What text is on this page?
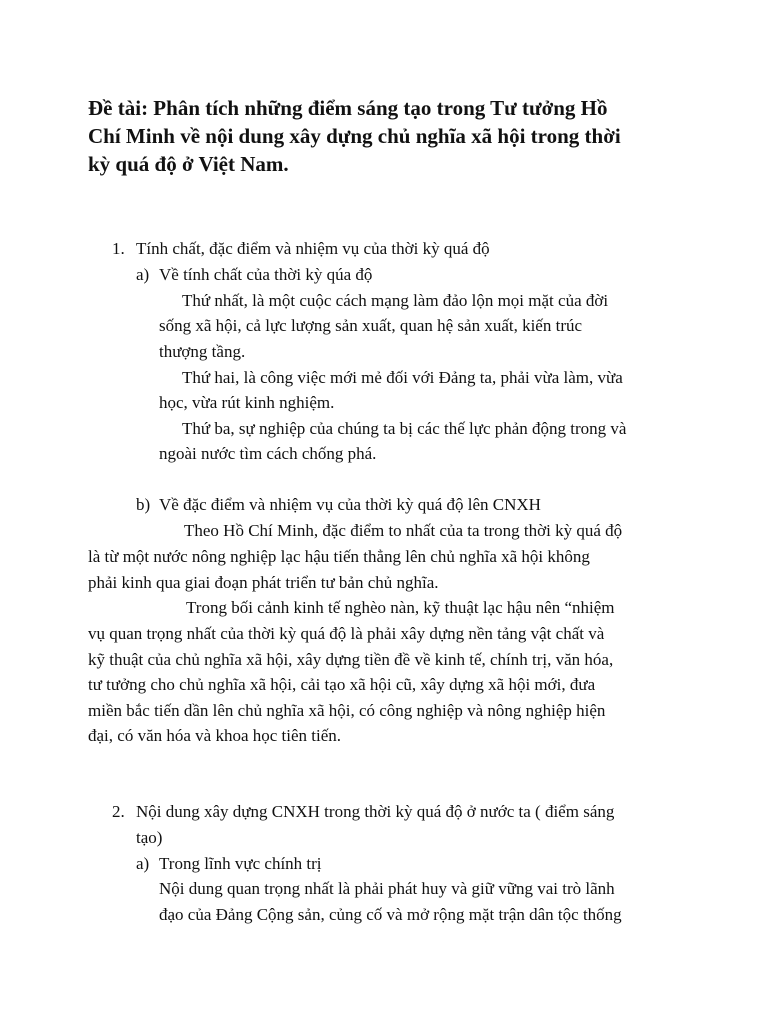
Đề tài: Phân tích những điểm sáng tạo trong Tư tưởng Hồ
Chí Minh về nội dung xây dựng chủ nghĩa xã hội trong thời
kỳ quá độ ở Việt Nam.
1. Tính chất, đặc điểm và nhiệm vụ của thời kỳ quá độ
a) Về tính chất của thời kỳ qúa độ
Thứ nhất, là một cuộc cách mạng làm đảo lộn mọi mặt của đời
sống xã hội, cả lực lượng sản xuất, quan hệ sản xuất, kiến trúc
thượng tầng.
Thứ hai, là công việc mới mẻ đối với Đảng ta, phải vừa làm, vừa
học, vừa rút kinh nghiệm.
Thứ ba, sự nghiệp của chúng ta bị các thế lực phản động trong và
ngoài nước tìm cách chống phá.
b) Về đặc điểm và nhiệm vụ của thời kỳ quá độ lên CNXH
Theo Hồ Chí Minh, đặc điểm to nhất của ta trong thời kỳ quá độ
là từ một nước nông nghiệp lạc hậu tiến thẳng lên chủ nghĩa xã hội không
phải kinh qua giai đoạn phát triển tư bản chủ nghĩa.
Trong bối cảnh kinh tế nghèo nàn, kỹ thuật lạc hậu nên “nhiệm
vụ quan trọng nhất của thời kỳ quá độ là phải xây dựng nền tảng vật chất và
kỹ thuật của chủ nghĩa xã hội, xây dựng tiền đề về kinh tế, chính trị, văn hóa,
tư tưởng cho chủ nghĩa xã hội, cải tạo xã hội cũ, xây dựng xã hội mới, đưa
miền bắc tiến dần lên chủ nghĩa xã hội, có công nghiệp và nông nghiệp hiện
đại, có văn hóa và khoa học tiên tiến.
2. Nội dung xây dựng CNXH trong thời kỳ quá độ ở nước ta ( điểm sáng
tạo)
a) Trong lĩnh vực chính trị
Nội dung quan trọng nhất là phải phát huy và giữ vững vai trò lãnh
đạo của Đảng Cộng sản, củng cố và mở rộng mặt trận dân tộc thống
